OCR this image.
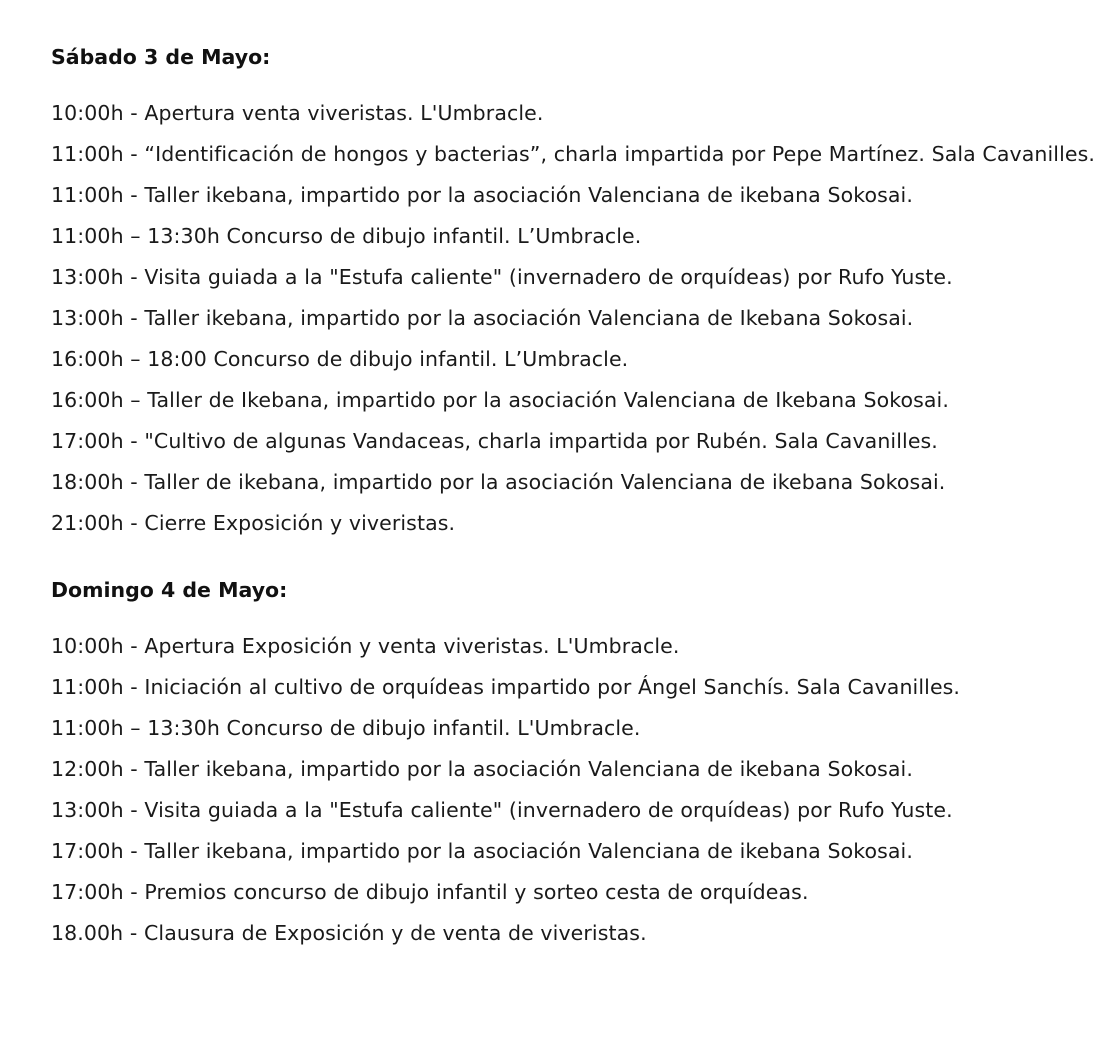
Sábado 3 de Mayo:
10:00h - Apertura venta viveristas. L'Umbracle.
11:00h - “Identificación de hongos y bacterias”, charla impartida por Pepe Martínez. Sala Cavanilles.
11:00h - Taller ikebana, impartido por la asociación Valenciana de ikebana Sokosai.
11:00h – 13:30h Concurso de dibujo infantil. L’Umbracle.
13:00h - Visita guiada a la "Estufa caliente" (invernadero de orquídeas) por Rufo Yuste.
13:00h - Taller ikebana, impartido por la asociación Valenciana de Ikebana Sokosai.
16:00h – 18:00 Concurso de dibujo infantil. L’Umbracle.
16:00h – Taller de Ikebana, impartido por la asociación Valenciana de Ikebana Sokosai.
17:00h - "Cultivo de algunas Vandaceas, charla impartida por Rubén. Sala Cavanilles.
18:00h - Taller de ikebana, impartido por la asociación Valenciana de ikebana Sokosai.
21:00h - Cierre Exposición y viveristas.
Domingo 4 de Mayo:
10:00h - Apertura Exposición y venta viveristas. L'Umbracle.
11:00h - Iniciación al cultivo de orquídeas impartido por Ángel Sanchís. Sala Cavanilles.
11:00h – 13:30h Concurso de dibujo infantil. L'Umbracle.
12:00h - Taller ikebana, impartido por la asociación Valenciana de ikebana Sokosai.
13:00h - Visita guiada a la "Estufa caliente" (invernadero de orquídeas) por Rufo Yuste.
17:00h - Taller ikebana, impartido por la asociación Valenciana de ikebana Sokosai.
17:00h - Premios concurso de dibujo infantil y sorteo cesta de orquídeas.
18.00h - Clausura de Exposición y de venta de viveristas.
